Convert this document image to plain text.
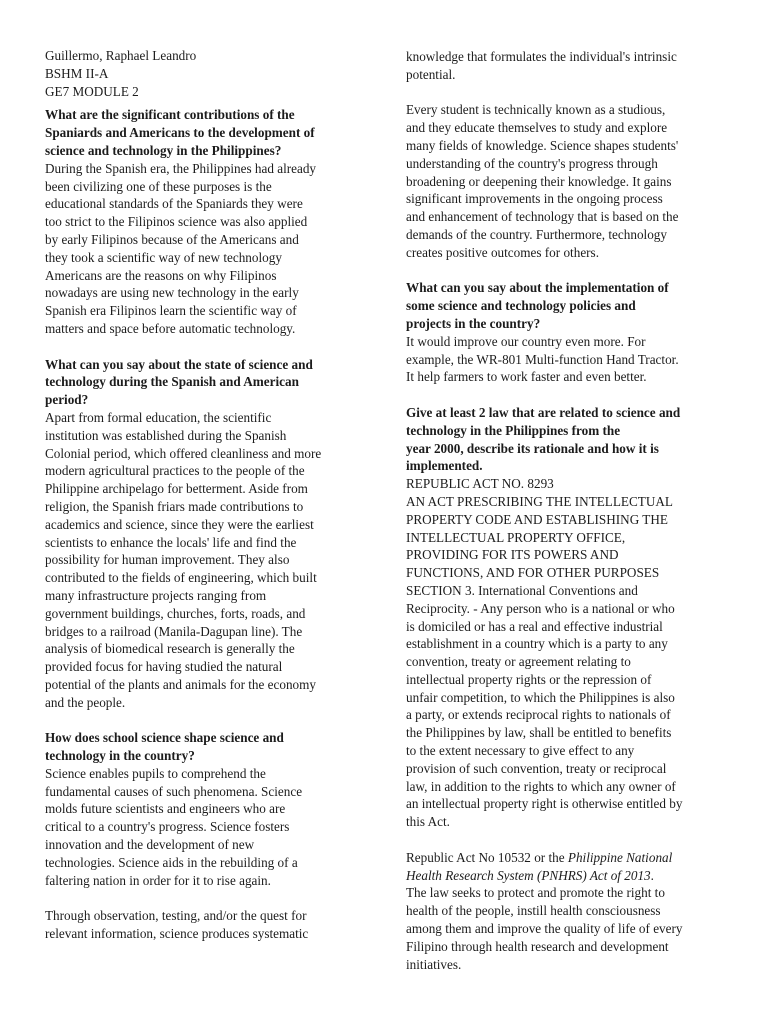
Guillermo, Raphael Leandro
BSHM II-A
GE7 MODULE 2

What are the significant contributions of the
Spaniards and Americans to the development of
science and technology in the Philippines?

During the Spanish era, the Philippines had already
been civilizing one of these purposes is the
educational standards of the Spaniards they were
too strict to the Filipinos science was also applied
by early Filipinos because of the Americans and
they took a scientific way of new technology
Americans are the reasons on why Filipinos
nowadays are using new technology in the early
Spanish era Filipinos learn the scientific way of
matters and space before automatic technology.

What can you say about the state of science and
technology during the Spanish and American
period?

Apart from formal education, the scientific
institution was established during the Spanish
Colonial period, which offered cleanliness and more
modern agricultural practices to the people of the
Philippine archipelago for betterment. Aside from
religion, the Spanish friars made contributions to
academics and science, since they were the earliest
scientists to enhance the locals' life and find the
possibility for human improvement. They also
contributed to the fields of engineering, which built
many infrastructure projects ranging from
government buildings, churches, forts, roads, and
bridges to a railroad (Manila-Dagupan line). The
analysis of biomedical research is generally the
provided focus for having studied the natural
potential of the plants and animals for the economy
and the people.

How does school science shape science and
technology in the country?

Science enables pupils to comprehend the
fundamental causes of such phenomena. Science
molds future scientists and engineers who are
critical to a country's progress. Science fosters
innovation and the development of new
technologies. Science aids in the rebuilding of a
faltering nation in order for it to rise again.

Through observation, testing, and/or the quest for
relevant information, science produces systematic

knowledge that formulates the individual's intrinsic
potential.

Every student is technically known as a studious,
and they educate themselves to study and explore
many fields of knowledge. Science shapes students'
understanding of the country's progress through
broadening or deepening their knowledge. It gains
significant improvements in the ongoing process
and enhancement of technology that is based on the
demands of the country. Furthermore, technology
creates positive outcomes for others.

What can you say about the implementation of
some science and technology policies and
projects in the country?

It would improve our country even more. For
example, the WR-801 Multi-function Hand Tractor.
It help farmers to work faster and even better.

Give at least 2 law that are related to science and
technology in the Philippines from the
year 2000, describe its rationale and how it is
implemented.

REPUBLIC ACT NO. 8293
AN ACT PRESCRIBING THE INTELLECTUAL
PROPERTY CODE AND ESTABLISHING THE
INTELLECTUAL PROPERTY OFFICE,
PROVIDING FOR ITS POWERS AND
FUNCTIONS, AND FOR OTHER PURPOSES
SECTION 3. International Conventions and
Reciprocity. - Any person who is a national or who
is domiciled or has a real and effective industrial
establishment in a country which is a party to any
convention, treaty or agreement relating to
intellectual property rights or the repression of
unfair competition, to which the Philippines is also
a party, or extends reciprocal rights to nationals of
the Philippines by law, shall be entitled to benefits
to the extent necessary to give effect to any
provision of such convention, treaty or reciprocal
law, in addition to the rights to which any owner of
an intellectual property right is otherwise entitled by
this Act.

Republic Act No 10532 or the Philippine National
Health Research System (PNHRS) Act of 2013.

The law seeks to protect and promote the right to
health of the people, instill health consciousness
among them and improve the quality of life of every
Filipino through health research and development
initiatives.
